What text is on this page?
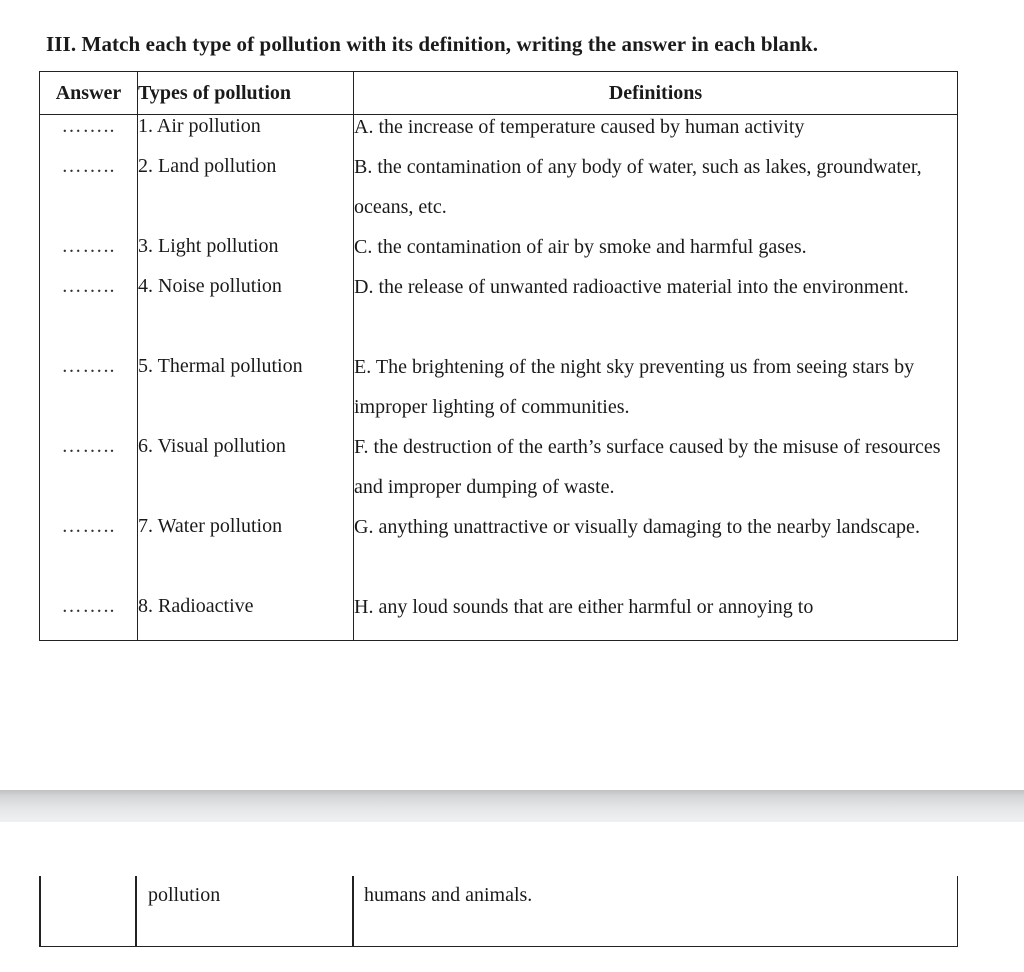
III. Match each type of pollution with its definition, writing the answer in each blank.
Answer	Types of pollution	Definitions
……..	1. Air pollution	A. the increase of temperature caused by human activity

……..	2. Land pollution	B. the contamination of any body of water, such as lakes, groundwater, oceans, etc.

……..	3. Light pollution	C. the contamination of air by smoke and harmful gases.

……..	4. Noise pollution	D. the release of unwanted radioactive material into the environment.

……..	5. Thermal pollution	E. The brightening of the night sky preventing us from seeing stars by improper lighting of communities.

……..	6. Visual pollution	F. the destruction of the earth’s surface caused by the misuse of resources and improper dumping of waste.

……..	7. Water pollution	G. anything unattractive or visually damaging to the nearby landscape.

……..	8. Radioactive	H. any loud sounds that are either harmful or annoying to
pollution	humans and animals.
